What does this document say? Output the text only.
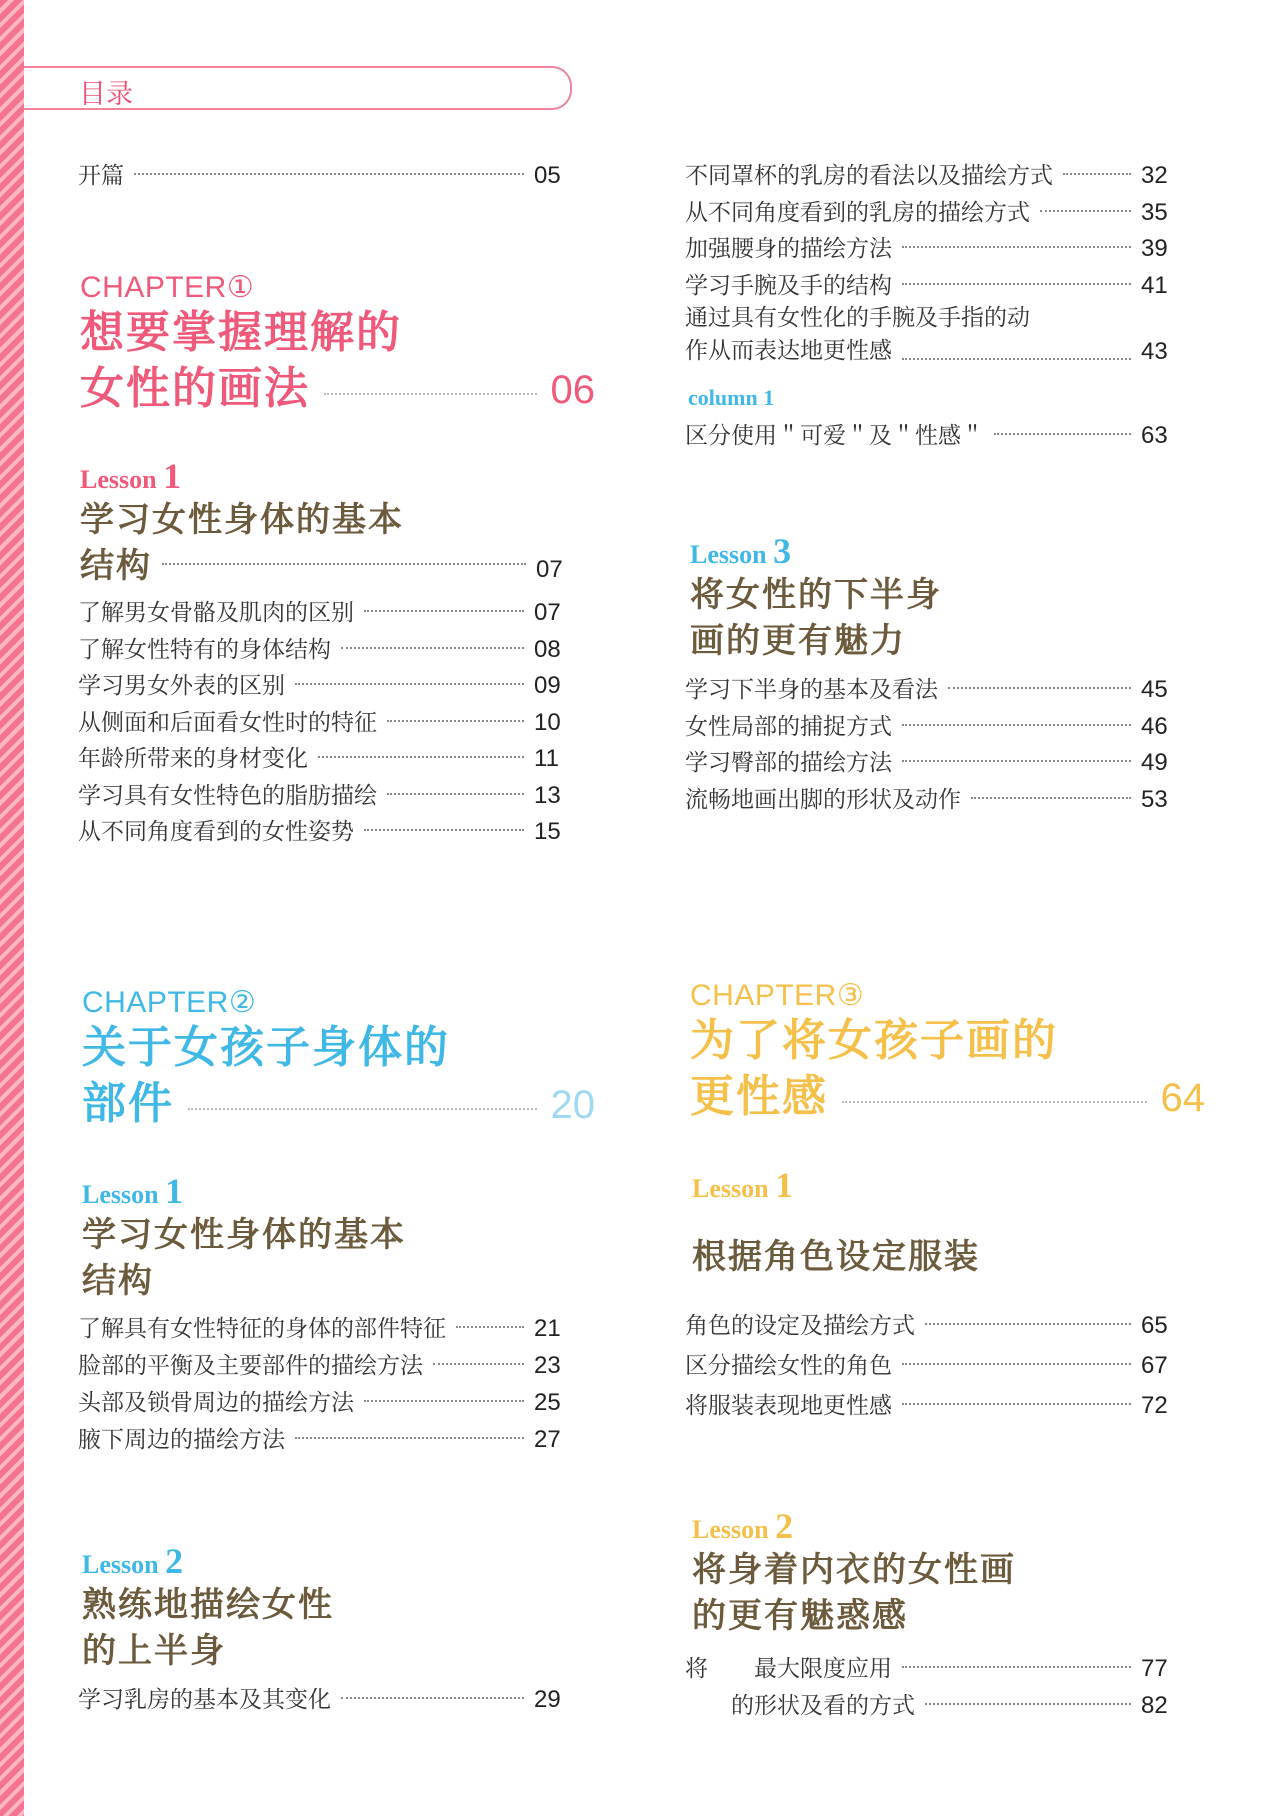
目录
开篇	05
CHAPTER①
想要掌握理解的
女性的画法	06
Lesson 1
学习女性身体的基本
结构	07
了解男女骨骼及肌肉的区别	07
了解女性特有的身体结构	08
学习男女外表的区别	09
从侧面和后面看女性时的特征	10
年龄所带来的身材变化	11
学习具有女性特色的脂肪描绘	13
从不同角度看到的女性姿势	15
CHAPTER②
关于女孩子身体的
部件	20
Lesson 1
学习女性身体的基本
结构
了解具有女性特征的身体的部件特征	21
脸部的平衡及主要部件的描绘方法	23
头部及锁骨周边的描绘方法	25
腋下周边的描绘方法	27
Lesson 2
熟练地描绘女性
的上半身
学习乳房的基本及其变化	29
不同罩杯的乳房的看法以及描绘方式	32
从不同角度看到的乳房的描绘方式	35
加强腰身的描绘方法	39
学习手腕及手的结构	41
通过具有女性化的手腕及手指的动
作从而表达地更性感	43
column 1
区分使用＂可爱＂及＂性感＂	63
Lesson 3
将女性的下半身
画的更有魅力
学习下半身的基本及看法	45
女性局部的捕捉方式	46
学习臀部的描绘方法	49
流畅地画出脚的形状及动作	53
CHAPTER③
为了将女孩子画的
更性感	64
Lesson 1
根据角色设定服装
角色的设定及描绘方式	65
区分描绘女性的角色	67
将服装表现地更性感	72
Lesson 2
将身着内衣的女性画
的更有魅惑感
将　　最大限度应用	77
　　的形状及看的方式	82
